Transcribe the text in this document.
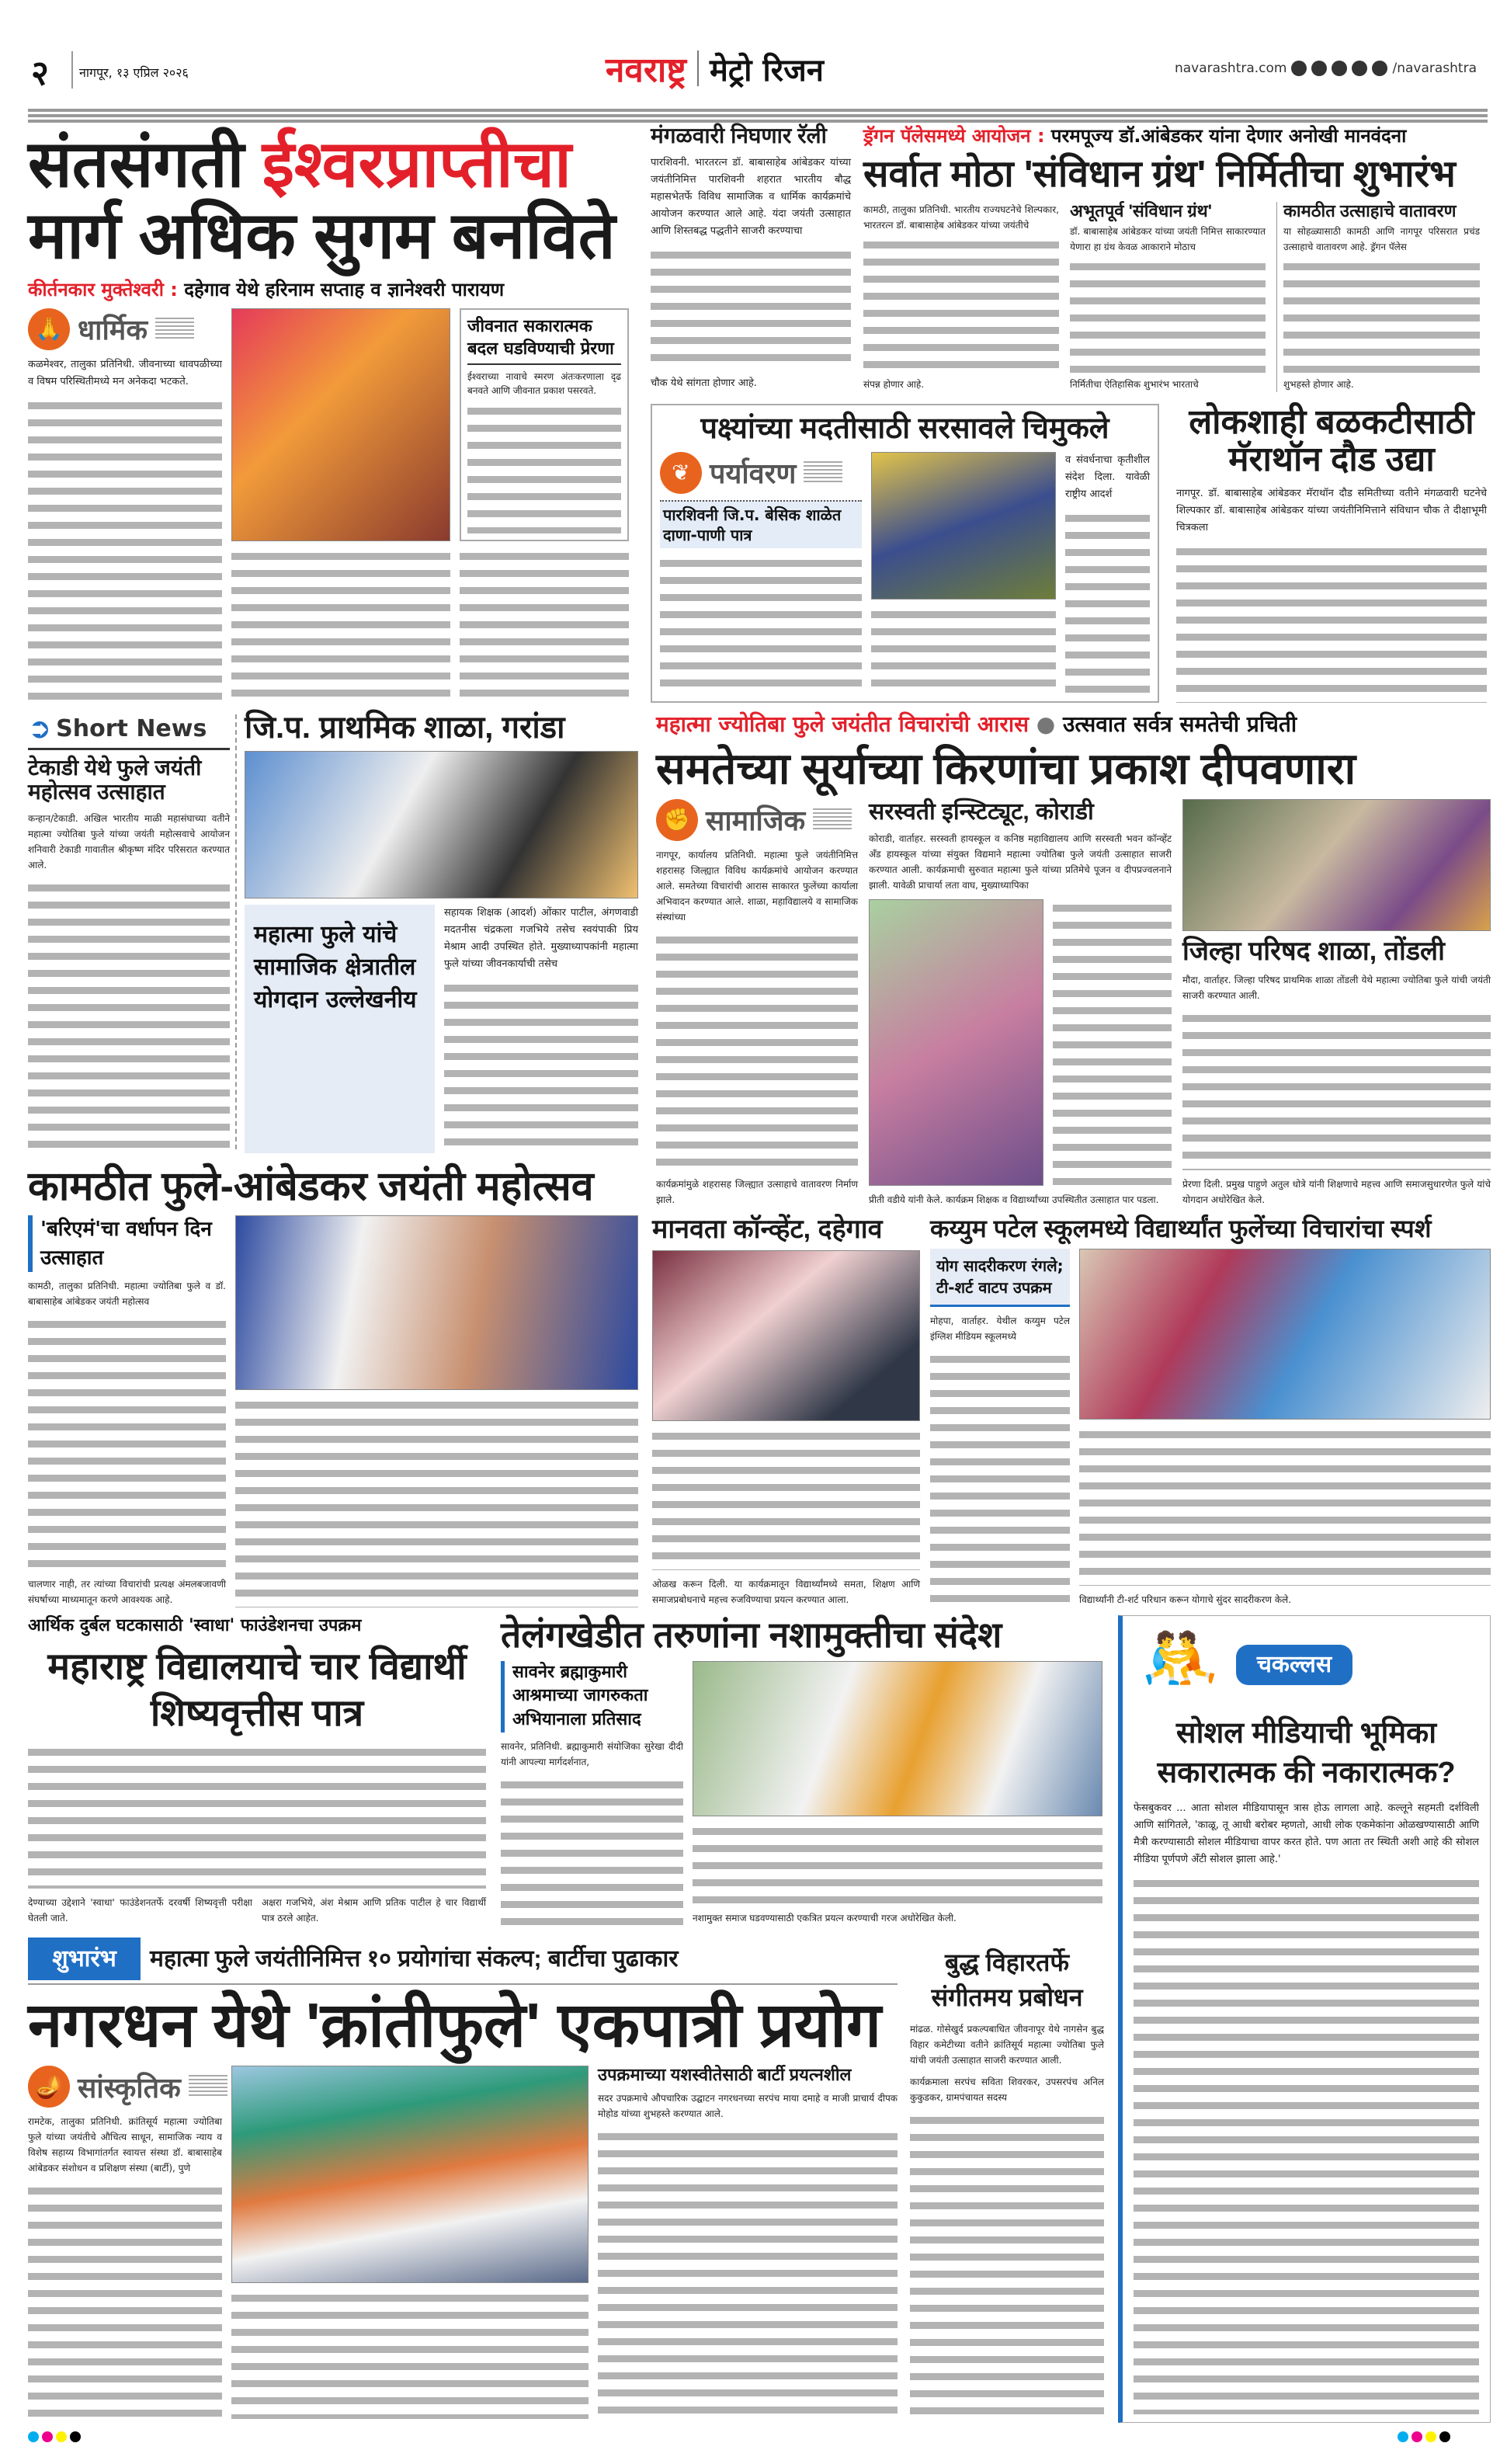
२ नागपूर, १३ एप्रिल २०२६	नवराष्ट्र मेट्रो रिजन	navarashtra.com	/navarashtra
संतसंगती ईश्वरप्राप्तीचा
मार्ग अधिक सुगम बनविते
कीर्तनकार मुक्तेश्वरी : दहेगाव येथे हरिनाम सप्ताह व ज्ञानेश्वरी पारायण
🙏 धार्मिक
कळमेश्वर, तालुका प्रतिनिधी. जीवनाच्या धावपळीच्या व विषम परिस्थितीमध्ये मन अनेकदा भटकते.
जीवनात सकारात्मक बदल घडविण्याची प्रेरणा
ईश्वराच्या नावाचे स्मरण अंतःकरणाला दृढ बनवते आणि जीवनात प्रकाश पसरवते.
मंगळवारी निघणार रॅली
पारशिवनी. भारतरत्न डॉ. बाबासाहेब आंबेडकर यांच्या जयंतीनिमित्त पारशिवनी शहरात भारतीय बौद्ध महासभेतर्फे विविध सामाजिक व धार्मिक कार्यक्रमांचे आयोजन करण्यात आले आहे. यंदा जयंती उत्साहात आणि शिस्तबद्ध पद्धतीने साजरी करण्याचा
चौक येथे सांगता होणार आहे.
ड्रॅगन पॅलेसमध्ये आयोजन : परमपूज्य डॉ.आंबेडकर यांना देणार अनोखी मानवंदना
सर्वात मोठा 'संविधान ग्रंथ' निर्मितीचा शुभारंभ
कामठी, तालुका प्रतिनिधी. भारतीय राज्यघटनेचे शिल्पकार, भारतरत्न डॉ. बाबासाहेब आंबेडकर यांच्या जयंतीचे
संपन्न होणार आहे.
अभूतपूर्व 'संविधान ग्रंथ'
डॉ. बाबासाहेब आंबेडकर यांच्या जयंती निमित्त साकारण्यात येणारा हा ग्रंथ केवळ आकाराने मोठाच
निर्मितीचा ऐतिहासिक शुभारंभ भारताचे
कामठीत उत्साहाचे वातावरण
या सोहळ्यासाठी कामठी आणि नागपूर परिसरात प्रचंड उत्साहाचे वातावरण आहे. ड्रॅगन पॅलेस
शुभहस्ते होणार आहे.
पक्ष्यांच्या मदतीसाठी सरसावले चिमुकले
❦ पर्यावरण
पारशिवनी जि.प. बेसिक शाळेत दाणा-पाणी पात्र
व संवर्धनाचा कृतीशील संदेश दिला. यावेळी राष्ट्रीय आदर्श
लोकशाही बळकटीसाठी मॅराथॉन दौड उद्या
नागपूर. डॉ. बाबासाहेब आंबेडकर मॅराथॉन दौड समितीच्या वतीने मंगळवारी घटनेचे शिल्पकार डॉ. बाबासाहेब आंबेडकर यांच्या जयंतीनिमित्ताने संविधान चौक ते दीक्षाभूमी चित्रकला
➲ Short News
टेकाडी येथे फुले जयंती महोत्सव उत्साहात
कन्हान/टेकाडी. अखिल भारतीय माळी महासंघाच्या वतीने महात्मा ज्योतिबा फुले यांच्या जयंती महोत्सवाचे आयोजन शनिवारी टेकाडी गावातील श्रीकृष्ण मंदिर परिसरात करण्यात आले.
जि.प. प्राथमिक शाळा, गरांडा
महात्मा फुले यांचे सामाजिक क्षेत्रातील योगदान उल्लेखनीय
सहायक शिक्षक (आदर्श) ओंकार पाटील, अंगणवाडी मदतनीस चंद्रकला गजभिये तसेच स्वयंपाकी प्रिय मेश्राम आदी उपस्थित होते. मुख्याध्यापकांनी महात्मा फुले यांच्या जीवनकार्याची तसेच
महात्मा ज्योतिबा फुले जयंतीत विचारांची आरास ● उत्सवात सर्वत्र समतेची प्रचिती
समतेच्या सूर्याच्या किरणांचा प्रकाश दीपवणारा
✊ सामाजिक
नागपूर, कार्यालय प्रतिनिधी. महात्मा फुले जयंतीनिमित्त शहरासह जिल्ह्यात विविध कार्यक्रमांचे आयोजन करण्यात आले. समतेच्या विचारांची आरास साकारत फुलेंच्या कार्याला अभिवादन करण्यात आले. शाळा, महाविद्यालये व सामाजिक संस्थांच्या
कार्यक्रमांमुळे शहरासह जिल्ह्यात उत्साहाचे वातावरण निर्माण झाले.
सरस्वती इन्स्टिट्यूट, कोराडी
कोराडी, वार्ताहर. सरस्वती हायस्कूल व कनिष्ठ महाविद्यालय आणि सरस्वती भवन कॉन्व्हेंट ॲंड हायस्कूल यांच्या संयुक्त विद्यमाने महात्मा ज्योतिबा फुले जयंती उत्साहात साजरी करण्यात आली. कार्यक्रमाची सुरुवात महात्मा फुले यांच्या प्रतिमेचे पूजन व दीपप्रज्वलनाने झाली. यावेळी प्राचार्या लता वाघ, मुख्याध्यापिका
प्रीती वडीये यांनी केले. कार्यक्रम शिक्षक व विद्यार्थ्यांच्या उपस्थितीत उत्साहात पार पडला.
जिल्हा परिषद शाळा, तोंडली
मौदा, वार्ताहर. जिल्हा परिषद प्राथमिक शाळा तोंडली येथे महात्मा ज्योतिबा फुले यांची जयंती साजरी करण्यात आली.
प्रेरणा दिली. प्रमुख पाहुणे अतुल धोत्रे यांनी शिक्षणाचे महत्त्व आणि समाजसुधारणेत फुले यांचे योगदान अधोरेखित केले.
कामठीत फुले-आंबेडकर जयंती महोत्सव
'बरिएमं'चा वर्धापन दिन उत्साहात
कामठी, तालुका प्रतिनिधी. महात्मा ज्योतिबा फुले व डॉ. बाबासाहेब आंबेडकर जयंती महोत्सव
चालणार नाही, तर त्यांच्या विचारांची प्रत्यक्ष अंमलबजावणी संघर्षाच्या माध्यमातून करणे आवश्यक आहे.
मानवता कॉन्व्हेंट, दहेगाव
ओळख करून दिली. या कार्यक्रमातून विद्यार्थ्यांमध्ये समता, शिक्षण आणि समाजप्रबोधनाचे महत्त्व रुजविण्याचा प्रयत्न करण्यात आला.
कय्युम पटेल स्कूलमध्ये विद्यार्थ्यांत फुलेंच्या विचारांचा स्पर्श
योग सादरीकरण रंगले; टी-शर्ट वाटप उपक्रम
मोहपा, वार्ताहर. येथील कय्युम पटेल इंग्लिश मीडियम स्कूलमध्ये
विद्यार्थ्यांनी टी-शर्ट परिधान करून योगाचे सुंदर सादरीकरण केले.
आर्थिक दुर्बल घटकासाठी 'स्वाधा' फाउंडेशनचा उपक्रम
महाराष्ट्र विद्यालयाचे चार विद्यार्थी शिष्यवृत्तीस पात्र
देण्याच्या उद्देशाने 'स्वाधा' फाउंडेशनतर्फे दरवर्षी शिष्यवृत्ती परीक्षा घेतली जाते.
अक्षरा गजभिये, अंश मेश्राम आणि प्रतिक पाटील हे चार विद्यार्थी पात्र ठरले आहेत.
तेलंगखेडीत तरुणांना नशामुक्तीचा संदेश
सावनेर ब्रह्माकुमारी आश्रमाच्या जागरुकता अभियानाला प्रतिसाद
सावनेर, प्रतिनिधी. ब्रह्माकुमारी संयोजिका सुरेखा दीदी यांनी आपल्या मार्गदर्शनात,
नशामुक्त समाज घडवण्यासाठी एकत्रित प्रयत्न करण्याची गरज अधोरेखित केली.
🤼	चकल्लस
सोशल मीडियाची भूमिका सकारात्मक की नकारात्मक?
फेसबुकवर ... आता सोशल मीडियापासून त्रास होऊ लागला आहे. कल्लूने सहमती दर्शविली आणि सांगितले, 'काळू, तू आधी बरोबर म्हणतो, आधी लोक एकमेकांना ओळखण्यासाठी आणि मैत्री करण्यासाठी सोशल मीडियाचा वापर करत होते. पण आता तर स्थिती अशी आहे की सोशल मीडिया पूर्णपणे ॲंटी सोशल झाला आहे.'
शुभारंभ	महात्मा फुले जयंतीनिमित्त १० प्रयोगांचा संकल्प; बार्टीचा पुढाकार
नगरधन येथे 'क्रांतीफुले' एकपात्री प्रयोग
🪔 सांस्कृतिक
रामटेक, तालुका प्रतिनिधी. क्रांतिसूर्य महात्मा ज्योतिबा फुले यांच्या जयंतीचे औचित्य साधून, सामाजिक न्याय व विशेष सहाय्य विभागांतर्गत स्वायत्त संस्था डॉ. बाबासाहेब आंबेडकर संशोधन व प्रशिक्षण संस्था (बार्टी), पुणे
उपक्रमाच्या यशस्वीतेसाठी बार्टी प्रयत्नशील
सदर उपक्रमाचे औपचारिक उद्घाटन नगरधनच्या सरपंच माया दमाहे व माजी प्राचार्य दीपक मोहोड यांच्या शुभहस्ते करण्यात आले.
बुद्ध विहारतर्फे संगीतमय प्रबोधन
मांढळ. गोसेखुर्द प्रकल्पबाधित जीवनापूर येथे नागसेन बुद्ध विहार कमेटीच्या वतीने क्रांतिसूर्य महात्मा ज्योतिबा फुले यांची जयंती उत्साहात साजरी करण्यात आली.
कार्यक्रमाला सरपंच सविता शिवरकर, उपसरपंच अनिल कुकुडकर, ग्रामपंचायत सदस्य
